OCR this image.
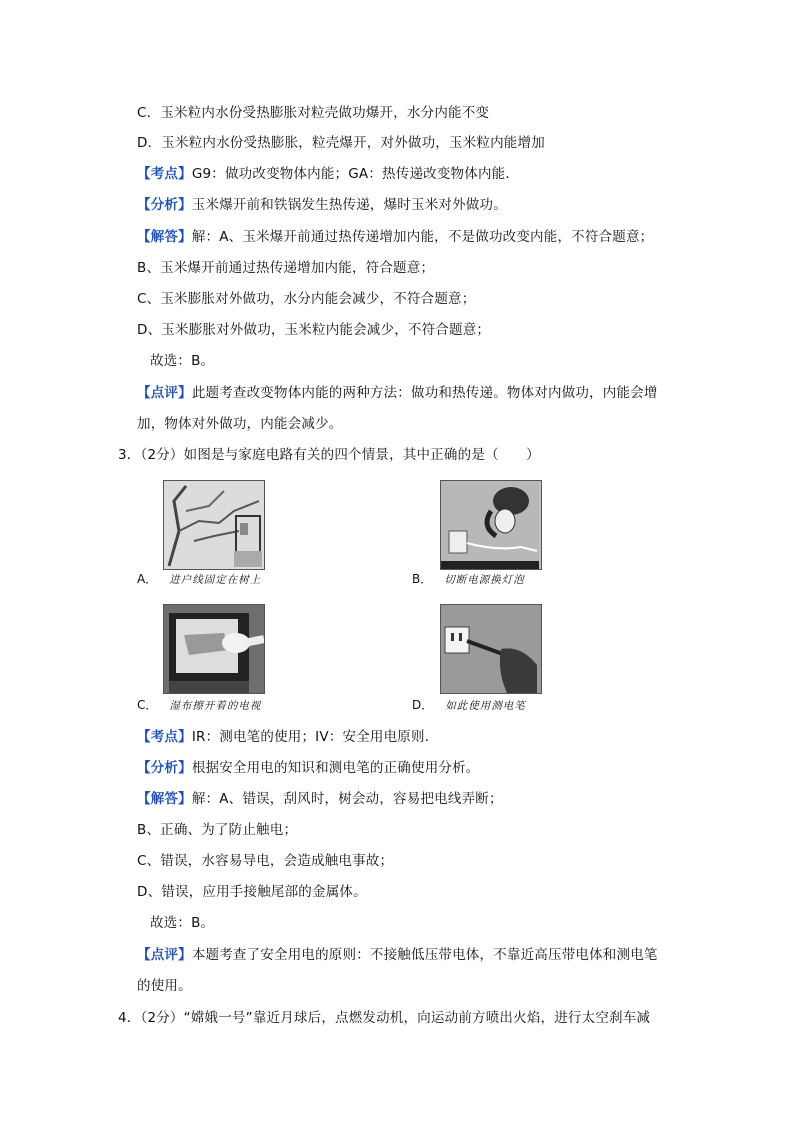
C．玉米粒内水份受热膨胀对粒壳做功爆开，水分内能不变
D．玉米粒内水份受热膨胀，粒壳爆开，对外做功，玉米粒内能增加
【考点】G9：做功改变物体内能；GA：热传递改变物体内能．
【分析】玉米爆开前和铁锅发生热传递，爆时玉米对外做功。
【解答】解：A、玉米爆开前通过热传递增加内能，不是做功改变内能，不符合题意；
B、玉米爆开前通过热传递增加内能，符合题意；
C、玉米膨胀对外做功，水分内能会减少，不符合题意；
D、玉米膨胀对外做功，玉米粒内能会减少，不符合题意；
故选：B。
【点评】此题考查改变物体内能的两种方法：做功和热传递。物体对内做功，内能会增
加，物体对外做功，内能会减少。
3．（2分）如图是与家庭电路有关的四个情景，其中正确的是（　　）
A． 进户线固定在树上	B． 切断电源换灯泡
C． 湿布擦开着的电视	D． 如此使用测电笔
【考点】IR：测电笔的使用；IV：安全用电原则．
【分析】根据安全用电的知识和测电笔的正确使用分析。
【解答】解：A、错误，刮风时，树会动，容易把电线弄断；
B、正确、为了防止触电；
C、错误，水容易导电，会造成触电事故；
D、错误，应用手接触尾部的金属体。
故选：B。
【点评】本题考查了安全用电的原则：不接触低压带电体，不靠近高压带电体和测电笔
的使用。
4．（2分）“嫦娥一号”靠近月球后，点燃发动机，向运动前方喷出火焰，进行太空刹车减
